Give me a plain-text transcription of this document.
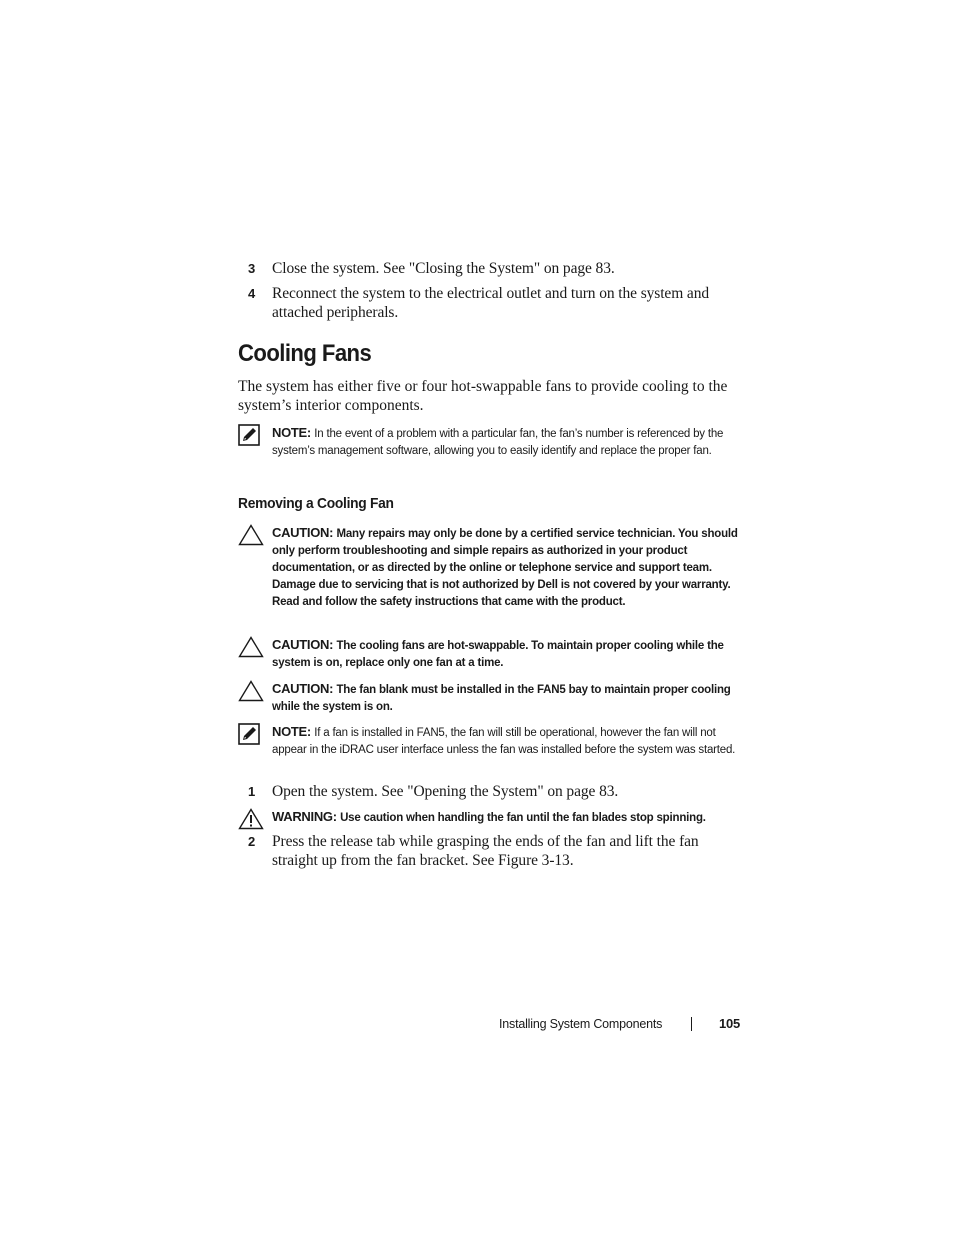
3 Close the system. See "Closing the System" on page 83.
4 Reconnect the system to the electrical outlet and turn on the system and attached peripherals.
Cooling Fans
The system has either five or four hot-swappable fans to provide cooling to the system’s interior components.
NOTE: In the event of a problem with a particular fan, the fan’s number is referenced by the system’s management software, allowing you to easily identify and replace the proper fan.
Removing a Cooling Fan
CAUTION: Many repairs may only be done by a certified service technician. You should only perform troubleshooting and simple repairs as authorized in your product documentation, or as directed by the online or telephone service and support team. Damage due to servicing that is not authorized by Dell is not covered by your warranty. Read and follow the safety instructions that came with the product.
CAUTION: The cooling fans are hot-swappable. To maintain proper cooling while the system is on, replace only one fan at a time.
CAUTION: The fan blank must be installed in the FAN5 bay to maintain proper cooling while the system is on.
NOTE: If a fan is installed in FAN5, the fan will still be operational, however the fan will not appear in the iDRAC user interface unless the fan was installed before the system was started.
1 Open the system. See "Opening the System" on page 83.
WARNING: Use caution when handling the fan until the fan blades stop spinning.
2 Press the release tab while grasping the ends of the fan and lift the fan straight up from the fan bracket. See Figure 3-13.
Installing System Components	105
